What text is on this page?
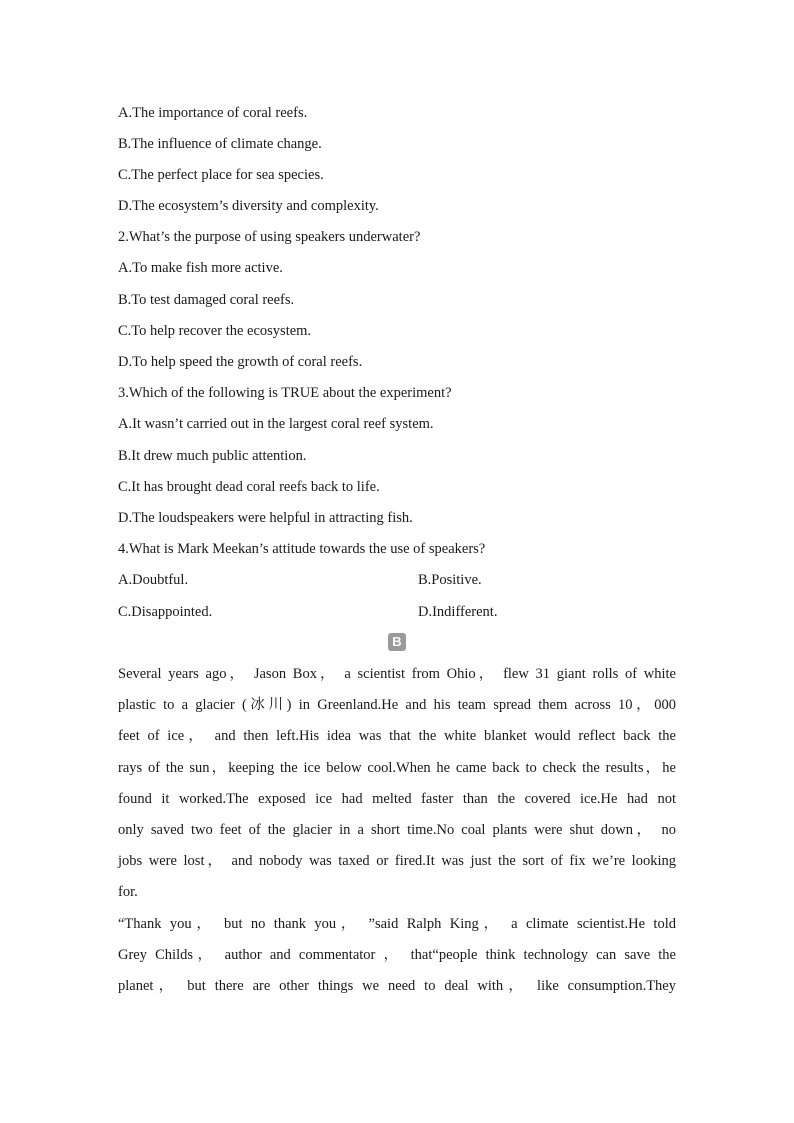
A.The importance of coral reefs.
B.The influence of climate change.
C.The perfect place for sea species.
D.The ecosystem’s diversity and complexity.
2.What’s the purpose of using speakers underwater?
A.To make fish more active.
B.To test damaged coral reefs.
C.To help recover the ecosystem.
D.To help speed the growth of coral reefs.
3.Which of the following is TRUE about the experiment?
A.It wasn’t carried out in the largest coral reef system.
B.It drew much public attention.
C.It has brought dead coral reefs back to life.
D.The loudspeakers were helpful in attracting fish.
4.What is Mark Meekan’s attitude towards the use of speakers?
A.Doubtful.	B.Positive.
C.Disappointed.	D.Indifferent.
B
Several years ago， Jason Box， a scientist from Ohio， flew 31 giant rolls of white
plastic to a glacier (冰川) in Greenland.He and his team spread them across 10，000
feet of ice， and then left.His idea was that the white blanket would reflect back the
rays of the sun，keeping the ice below cool.When he came back to check the results，he
found it worked.The exposed ice had melted faster than the covered ice.He had not
only saved two feet of the glacier in a short time.No coal plants were shut down， no
jobs were lost， and nobody was taxed or fired.It was just the sort of fix we’re looking
for.
“Thank you， but no thank you， ”said Ralph King， a climate scientist.He told
Grey Childs， author and commentator ， that“people think technology can save the
planet， but there are other things we need to deal with， like consumption.They
